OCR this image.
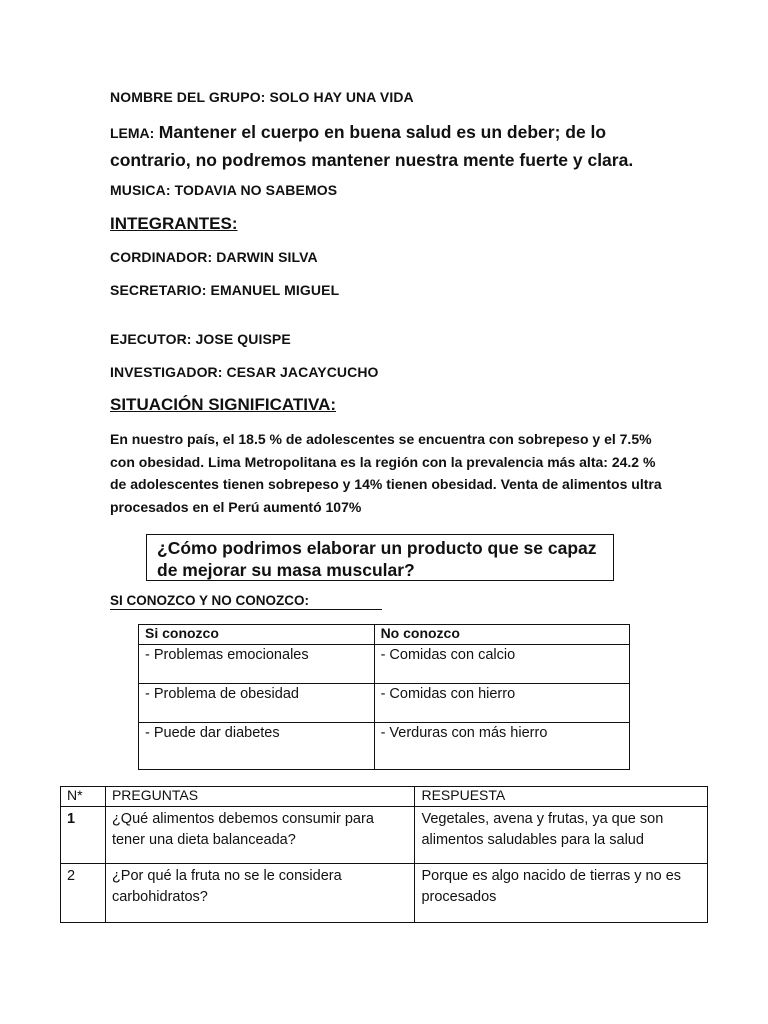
NOMBRE DEL GRUPO: SOLO HAY UNA VIDA
LEMA: Mantener el cuerpo en buena salud es un deber; de lo contrario, no podremos mantener nuestra mente fuerte y clara.
MUSICA: TODAVIA NO SABEMOS
INTEGRANTES:
CORDINADOR: DARWIN SILVA
SECRETARIO: EMANUEL MIGUEL
EJECUTOR: JOSE QUISPE
INVESTIGADOR: CESAR JACAYCUCHO
SITUACIÓN SIGNIFICATIVA:
En nuestro país, el 18.5 % de adolescentes se encuentra con sobrepeso y el 7.5% con obesidad. Lima Metropolitana es la región con la prevalencia más alta: 24.2 % de adolescentes tienen sobrepeso y 14% tienen obesidad. Venta de alimentos ultra procesados en el Perú aumentó 107%
¿Cómo podrimos elaborar un producto que se capaz de mejorar su masa muscular?
SI CONOZCO Y NO CONOZCO:
Si conozco	No conozco
- Problemas emocionales	- Comidas con calcio
- Problema de obesidad	- Comidas con hierro
- Puede dar diabetes	- Verduras con más hierro
N*	PREGUNTAS	RESPUESTA
1	¿Qué alimentos debemos consumir para tener una dieta balanceada?	Vegetales, avena y frutas, ya que son alimentos saludables para la salud
2	¿Por qué la fruta no se le considera carbohidratos?	Porque es algo nacido de tierras y no es procesados
